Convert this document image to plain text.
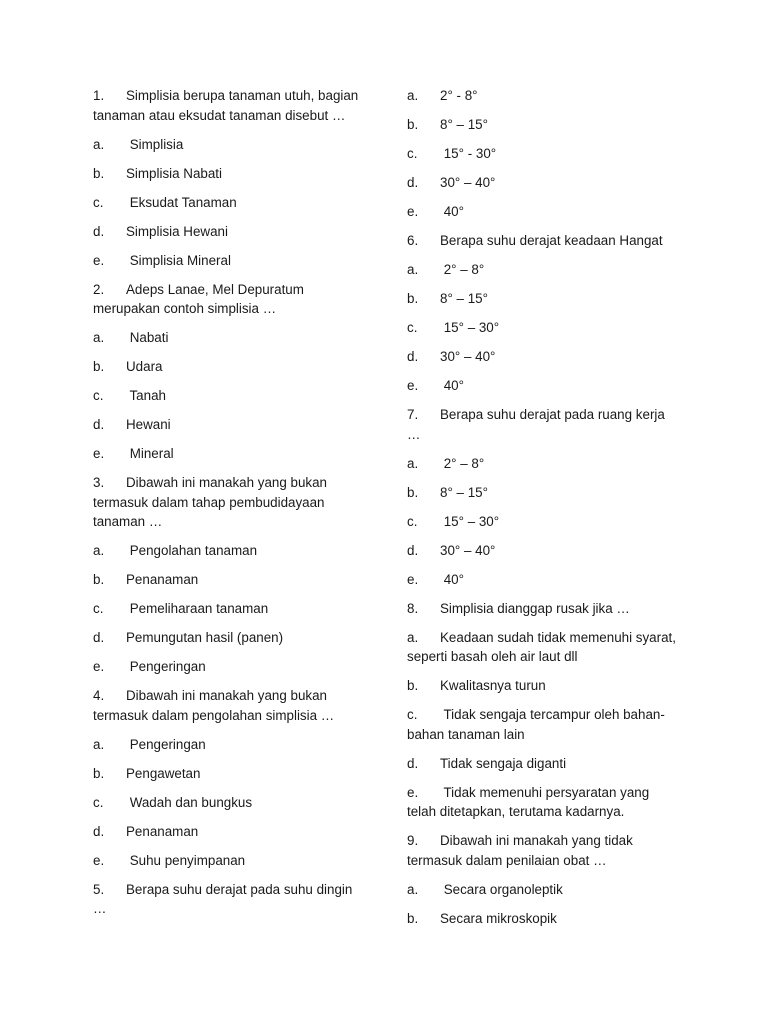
1. Simplisia berupa tanaman utuh, bagian tanaman atau eksudat tanaman disebut …
a. Simplisia
b. Simplisia Nabati
c. Eksudat Tanaman
d. Simplisia Hewani
e. Simplisia Mineral
2. Adeps Lanae, Mel Depuratum merupakan contoh simplisia …
a. Nabati
b. Udara
c. Tanah
d. Hewani
e. Mineral
3. Dibawah ini manakah yang bukan termasuk dalam tahap pembudidayaan tanaman …
a. Pengolahan tanaman
b. Penanaman
c. Pemeliharaan tanaman
d. Pemungutan hasil (panen)
e. Pengeringan
4. Dibawah ini manakah yang bukan termasuk dalam pengolahan simplisia …
a. Pengeringan
b. Pengawetan
c. Wadah dan bungkus
d. Penanaman
e. Suhu penyimpanan
5. Berapa suhu derajat pada suhu dingin …
a. 2° - 8°
b. 8° – 15°
c. 15° - 30°
d. 30° – 40°
e. 40°
6. Berapa suhu derajat keadaan Hangat
a. 2° – 8°
b. 8° – 15°
c. 15° – 30°
d. 30° – 40°
e. 40°
7. Berapa suhu derajat pada ruang kerja …
a. 2° – 8°
b. 8° – 15°
c. 15° – 30°
d. 30° – 40°
e. 40°
8. Simplisia dianggap rusak jika …
a. Keadaan sudah tidak memenuhi syarat, seperti basah oleh air laut dll
b. Kwalitasnya turun
c. Tidak sengaja tercampur oleh bahan-bahan tanaman lain
d. Tidak sengaja diganti
e. Tidak memenuhi persyaratan yang telah ditetapkan, terutama kadarnya.
9. Dibawah ini manakah yang tidak termasuk dalam penilaian obat …
a. Secara organoleptik
b. Secara mikroskopik
